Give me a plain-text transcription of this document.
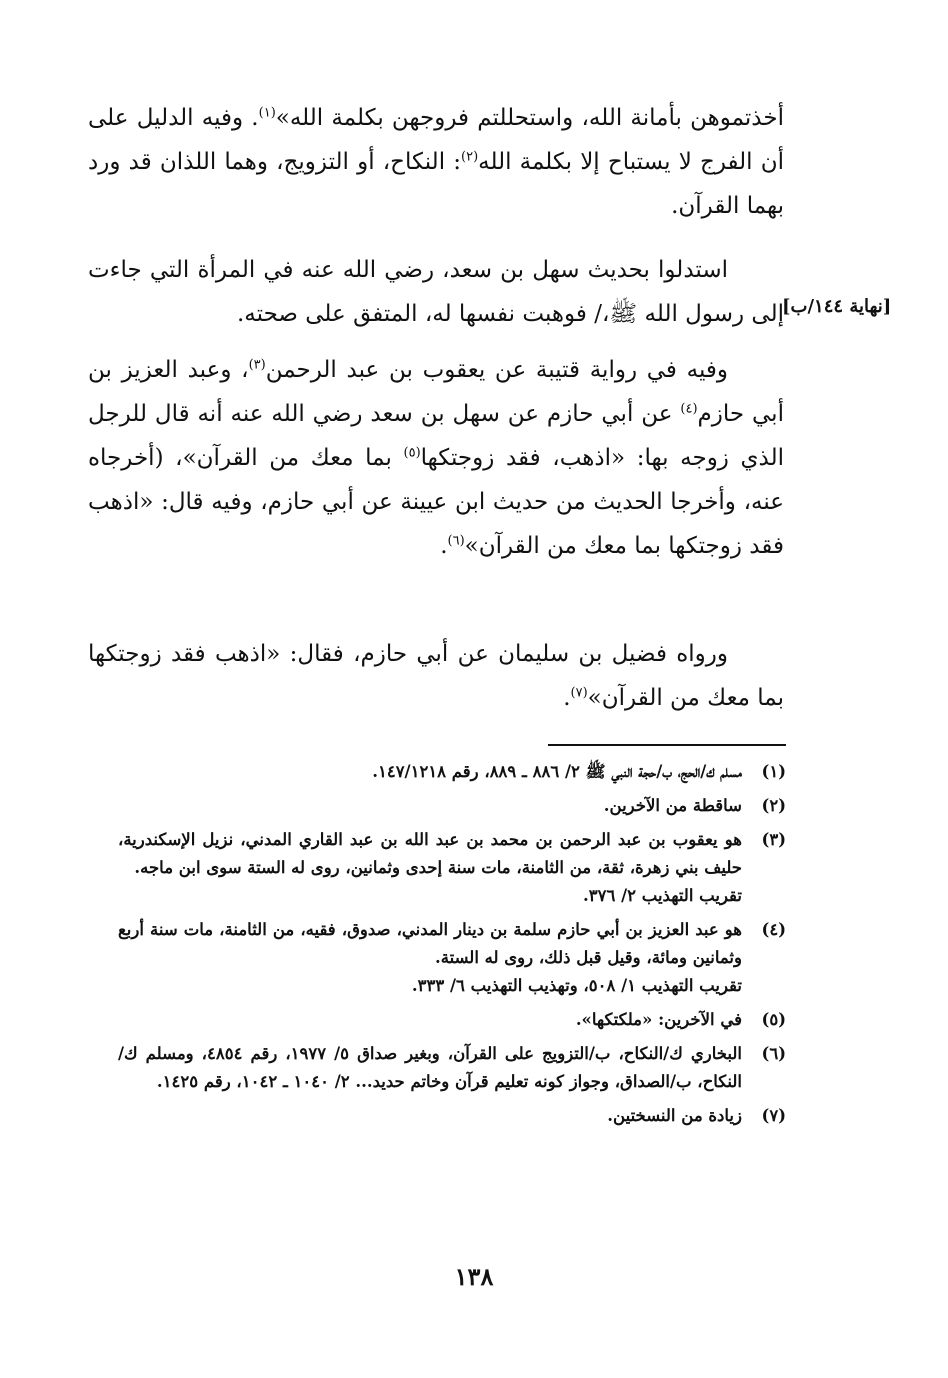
أخذتموهن بأمانة الله، واستحللتم فروجهن بكلمة الله»$^{(١)}$. وفيه الدليل على أن الفرج لا يستباح إلا بكلمة الله$^{(٢)}$: النكاح، أو التزويج، وهما اللذان قد ورد بهما القرآن.

استدلوا بحديث سهل بن سعد، رضي الله عنه في المرأة التي جاءت إلى رسول الله ﷺ،/ فوهبت نفسها له، المتفق على صحته.

[نهاية ١٤٤/ب]

وفيه في رواية قتيبة عن يعقوب بن عبد الرحمن$^{(٣)}$، وعبد العزيز بن أبي حازم$^{(٤)}$ عن أبي حازم عن سهل بن سعد رضي الله عنه أنه قال للرجل الذي زوجه بها: «اذهب، فقد زوجتكها$^{(٥)}$ بما معك من القرآن»، (أخرجاه عنه، وأخرجا الحديث من حديث ابن عيينة عن أبي حازم، وفيه قال: «اذهب فقد زوجتكها بما معك من القرآن»$^{(٦)}$.

ورواه فضيل بن سليمان عن أبي حازم، فقال: «اذهب فقد زوجتكها بما معك من القرآن»$^{(٧)}$.

(١)
مسلم ك/الحج، ب/حجة النبي ﷺ ٢/ ٨٨٦ ـ ٨٨٩، رقم ١٤٧/١٢١٨.
(٢)
ساقطة من الآخرين.
(٣)
هو يعقوب بن عبد الرحمن بن محمد بن عبد الله بن عبد القاري المدني، نزيل الإسكندرية، حليف بني زهرة، ثقة، من الثامنة، مات سنة إحدى وثمانين، روى له الستة سوى ابن ماجه.
تقريب التهذيب ٢/ ٣٧٦.
(٤)
هو عبد العزيز بن أبي حازم سلمة بن دينار المدني، صدوق، فقيه، من الثامنة، مات سنة أربع وثمانين ومائة، وقيل قبل ذلك، روى له الستة.
تقريب التهذيب ١/ ٥٠٨، وتهذيب التهذيب ٦/ ٣٣٣.
(٥)
في الآخرين: «ملكتكها».
(٦)
البخاري ك/النكاح، ب/التزويج على القرآن، وبغير صداق ٥/ ١٩٧٧، رقم ٤٨٥٤، ومسلم ك/النكاح، ب/الصداق، وجواز كونه تعليم قرآن وخاتم حديد... ٢/ ١٠٤٠ ـ ١٠٤٢، رقم ١٤٢٥.
(٧)
زيادة من النسختين.
١٣٨
